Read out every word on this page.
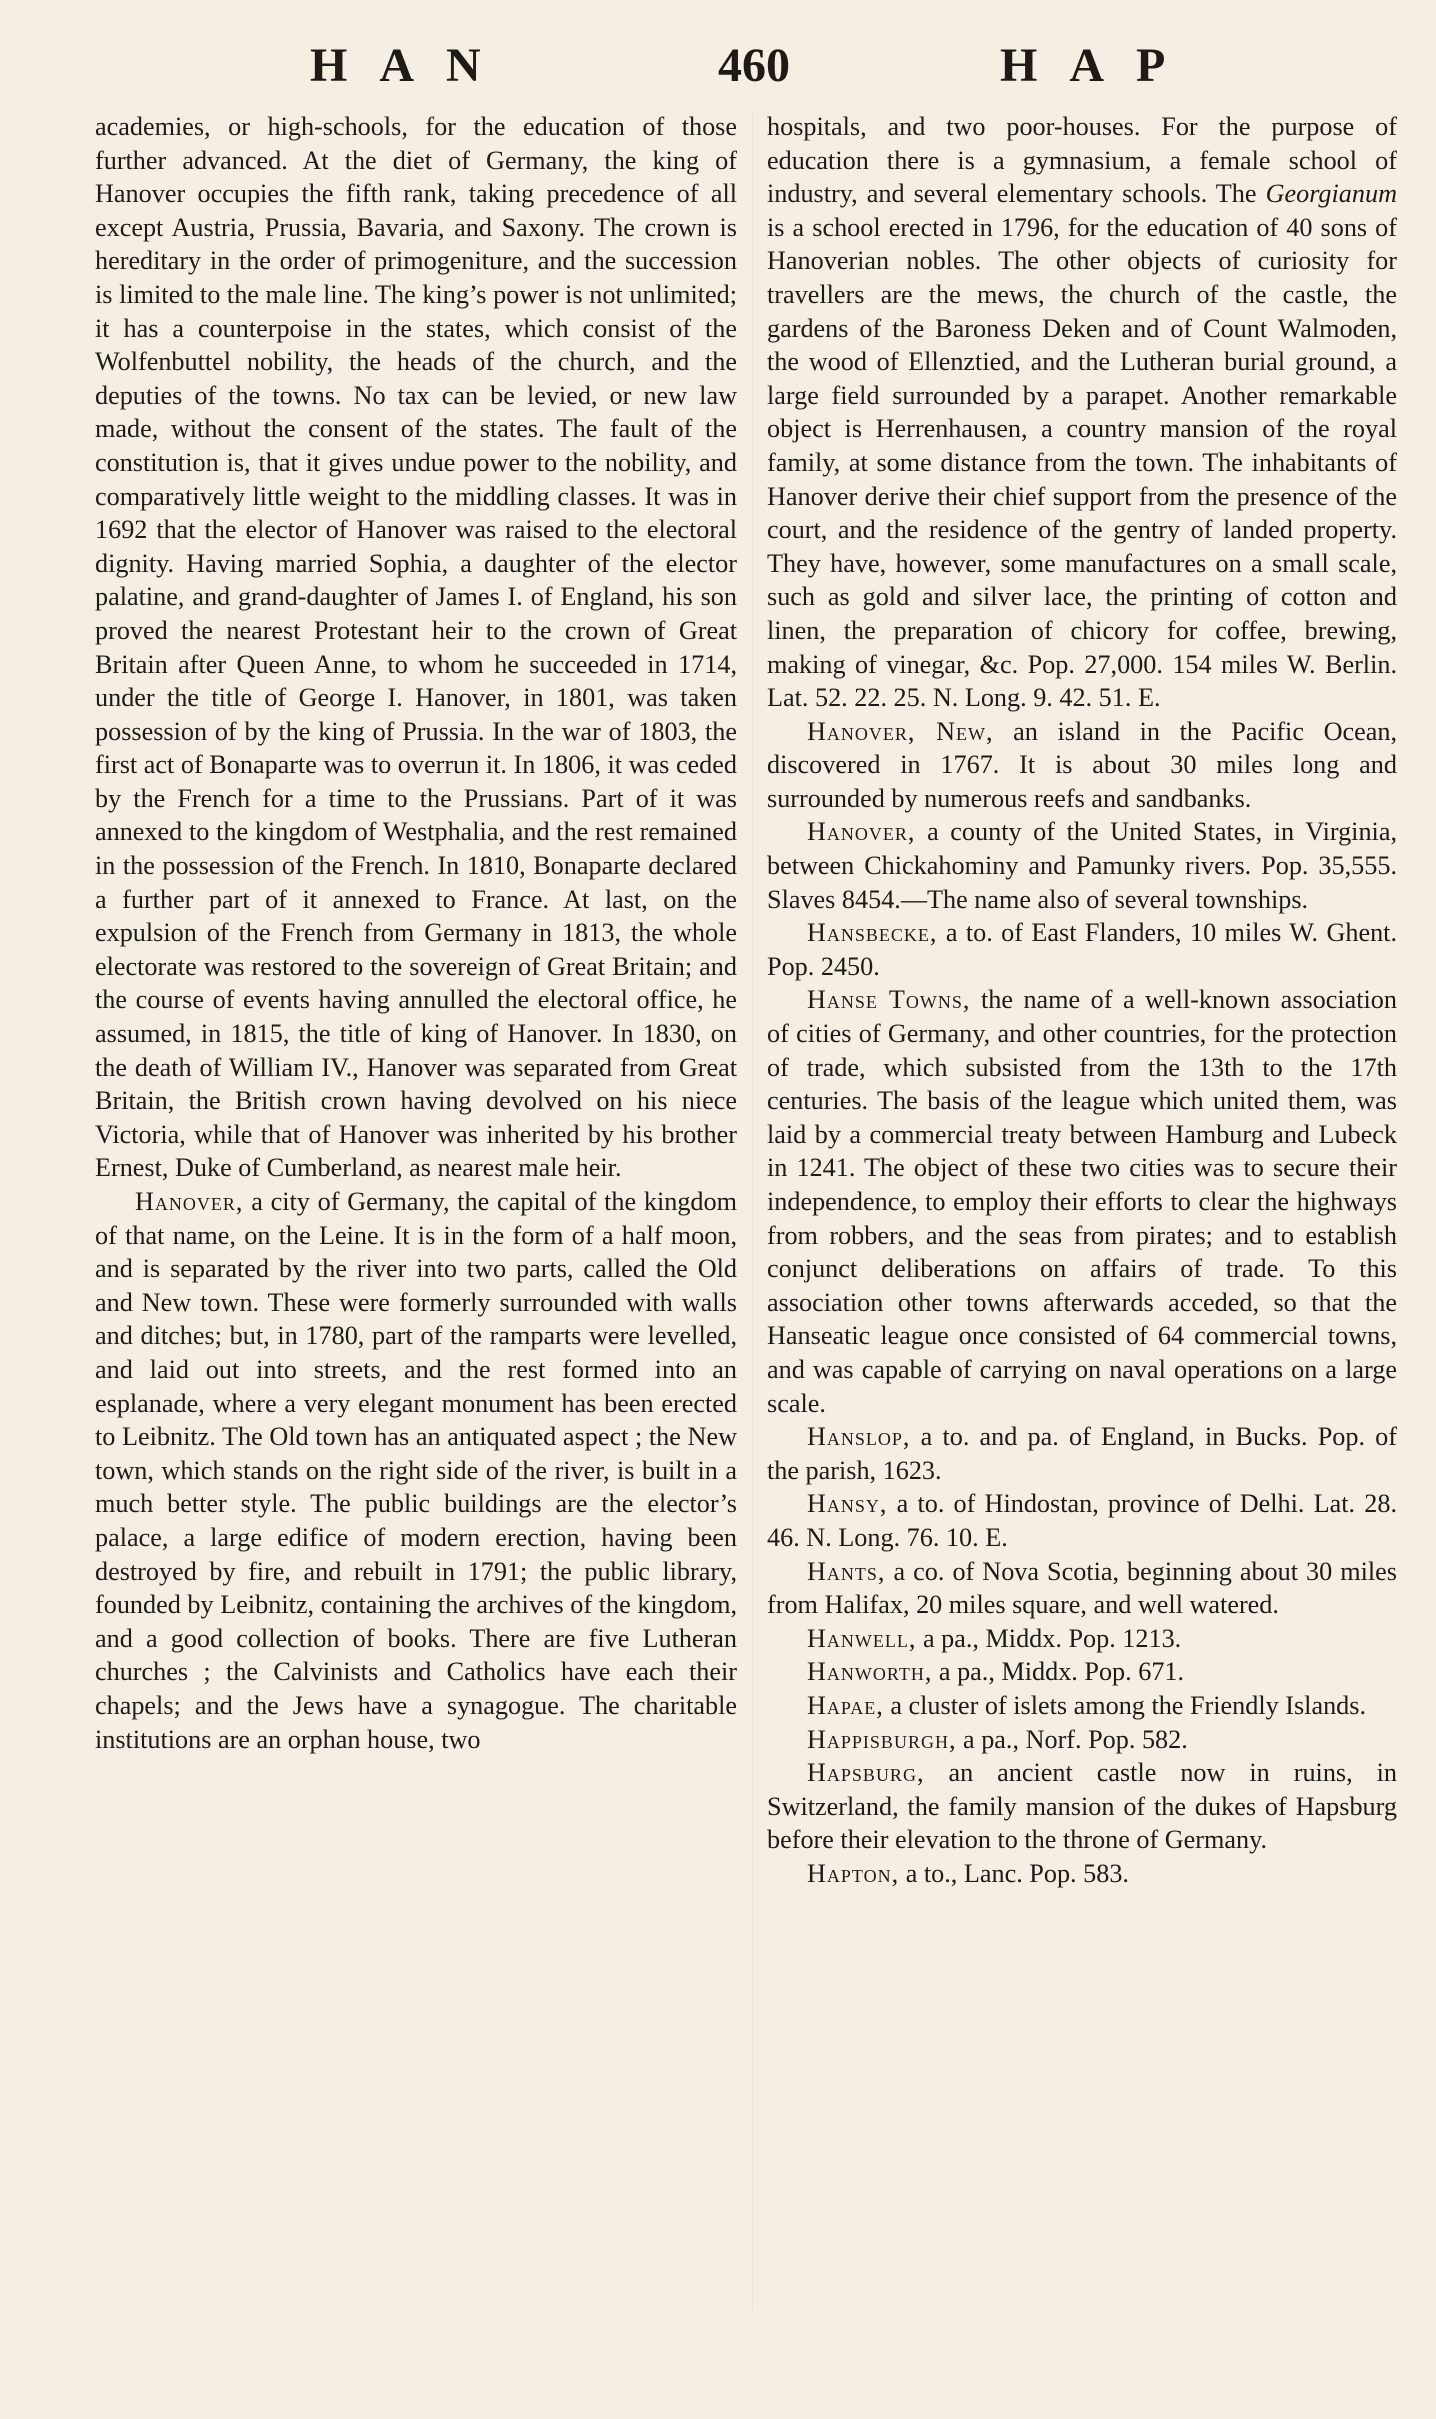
HAN	460	HAP

academies, or high-schools, for the education of those further advanced. At the diet of Germany, the king of Hanover occupies the fifth rank, taking precedence of all except Austria, Prussia, Bavaria, and Saxony. The crown is hereditary in the order of primogeniture, and the succession is limited to the male line. The king’s power is not unlimited; it has a counterpoise in the states, which consist of the Wolfenbuttel nobility, the heads of the church, and the deputies of the towns. No tax can be levied, or new law made, without the consent of the states. The fault of the constitution is, that it gives undue power to the nobility, and comparatively little weight to the middling classes. It was in 1692 that the elector of Hanover was raised to the electoral dignity. Having married Sophia, a daughter of the elector palatine, and grand-daughter of James I. of England, his son proved the nearest Protestant heir to the crown of Great Britain after Queen Anne, to whom he succeeded in 1714, under the title of George I. Hanover, in 1801, was taken possession of by the king of Prussia. In the war of 1803, the first act of Bonaparte was to overrun it. In 1806, it was ceded by the French for a time to the Prussians. Part of it was annexed to the kingdom of Westphalia, and the rest remained in the possession of the French. In 1810, Bonaparte declared a further part of it annexed to France. At last, on the expulsion of the French from Germany in 1813, the whole electorate was restored to the sovereign of Great Britain; and the course of events having annulled the electoral office, he assumed, in 1815, the title of king of Hanover. In 1830, on the death of William IV., Hanover was separated from Great Britain, the British crown having devolved on his niece Victoria, while that of Hanover was inherited by his brother Ernest, Duke of Cumberland, as nearest male heir.

Hanover, a city of Germany, the capital of the kingdom of that name, on the Leine. It is in the form of a half moon, and is separated by the river into two parts, called the Old and New town. These were formerly surrounded with walls and ditches; but, in 1780, part of the ramparts were levelled, and laid out into streets, and the rest formed into an esplanade, where a very elegant monument has been erected to Leibnitz. The Old town has an antiquated aspect ; the New town, which stands on the right side of the river, is built in a much better style. The public buildings are the elector’s palace, a large edifice of modern erection, having been destroyed by fire, and rebuilt in 1791; the public library, founded by Leibnitz, containing the archives of the kingdom, and a good collection of books. There are five Lutheran churches ; the Calvinists and Catholics have each their chapels; and the Jews have a synagogue. The charitable institutions are an orphan house, two

hospitals, and two poor-houses. For the purpose of education there is a gymnasium, a female school of industry, and several elementary schools. The Georgianum is a school erected in 1796, for the education of 40 sons of Hanoverian nobles. The other objects of curiosity for travellers are the mews, the church of the castle, the gardens of the Baroness Deken and of Count Walmoden, the wood of Ellenztied, and the Lutheran burial ground, a large field surrounded by a parapet. Another remarkable object is Herrenhausen, a country mansion of the royal family, at some distance from the town. The inhabitants of Hanover derive their chief support from the presence of the court, and the residence of the gentry of landed property. They have, however, some manufactures on a small scale, such as gold and silver lace, the printing of cotton and linen, the preparation of chicory for coffee, brewing, making of vinegar, &c. Pop. 27,000. 154 miles W. Berlin. Lat. 52. 22. 25. N. Long. 9. 42. 51. E.

Hanover, New, an island in the Pacific Ocean, discovered in 1767. It is about 30 miles long and surrounded by numerous reefs and sandbanks.

Hanover, a county of the United States, in Virginia, between Chickahominy and Pamunky rivers. Pop. 35,555. Slaves 8454.—The name also of several townships.

Hansbecke, a to. of East Flanders, 10 miles W. Ghent. Pop. 2450.

Hanse Towns, the name of a well-known association of cities of Germany, and other countries, for the protection of trade, which subsisted from the 13th to the 17th centuries. The basis of the league which united them, was laid by a commercial treaty between Hamburg and Lubeck in 1241. The object of these two cities was to secure their independence, to employ their efforts to clear the highways from robbers, and the seas from pirates; and to establish conjunct deliberations on affairs of trade. To this association other towns afterwards acceded, so that the Hanseatic league once consisted of 64 commercial towns, and was capable of carrying on naval operations on a large scale.

Hanslop, a to. and pa. of England, in Bucks. Pop. of the parish, 1623.

Hansy, a to. of Hindostan, province of Delhi. Lat. 28. 46. N. Long. 76. 10. E.

Hants, a co. of Nova Scotia, beginning about 30 miles from Halifax, 20 miles square, and well watered.

Hanwell, a pa., Middx. Pop. 1213.

Hanworth, a pa., Middx. Pop. 671.

Hapae, a cluster of islets among the Friendly Islands.

Happisburgh, a pa., Norf. Pop. 582.

Hapsburg, an ancient castle now in ruins, in Switzerland, the family mansion of the dukes of Hapsburg before their elevation to the throne of Germany.

Hapton, a to., Lanc. Pop. 583.
